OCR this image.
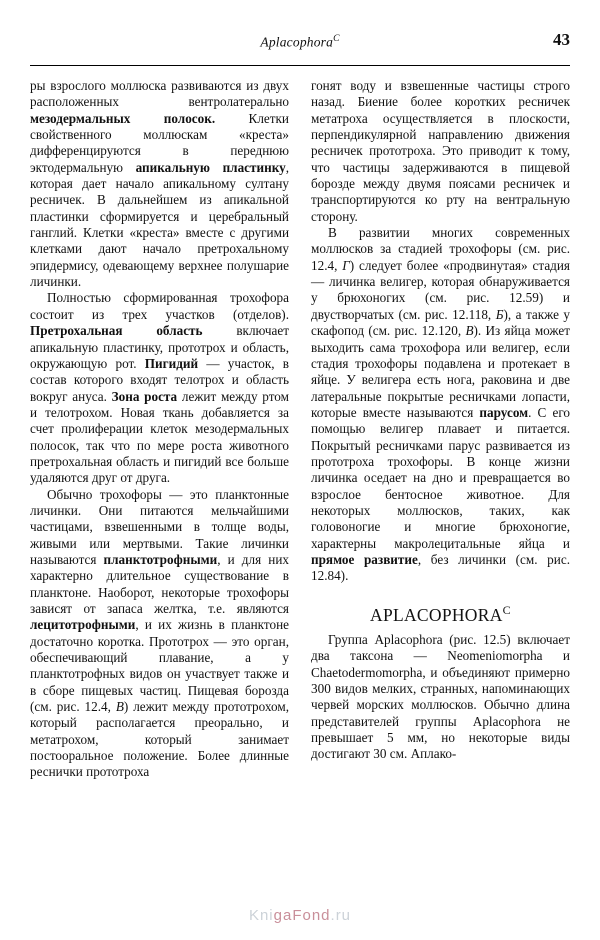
Aplacophora$^C$	43

ры взрослого моллюска развиваются из двух расположенных вентролатерально мезодермальных полосок. Клетки свойственного моллюскам «креста» дифференцируются в переднюю эктодермальную апикальную пластинку, которая дает начало апикальному султану ресничек. В дальнейшем из апикальной пластинки сформируется и церебральный ганглий. Клетки «креста» вместе с другими клетками дают начало претрохальному эпидермису, одевающему верхнее полушарие личинки.

Полностью сформированная трохофора состоит из трех участков (отделов). Претрохальная область включает апикальную пластинку, прототрох и область, окружающую рот. Пигидий — участок, в состав которого входят телотрох и область вокруг ануса. Зона роста лежит между ртом и телотрохом. Новая ткань добавляется за счет пролиферации клеток мезодермальных полосок, так что по мере роста животного претрохальная область и пигидий все больше удаляются друг от друга.

Обычно трохофоры — это планктонные личинки. Они питаются мельчайшими частицами, взвешенными в толще воды, живыми или мертвыми. Такие личинки называются планктотрофными, и для них характерно длительное существование в планктоне. Наоборот, некоторые трохофоры зависят от запаса желтка, т.е. являются лецитотрофными, и их жизнь в планктоне достаточно коротка. Прототрох — это орган, обеспечивающий плавание, а у планктотрофных видов он участвует также и в сборе пищевых частиц. Пищевая борозда (см. рис. 12.4, В) лежит между прототрохом, который располагается преорально, и метатрохом, который занимает постооральное положение. Более длинные реснички прототроха

гонят воду и взвешенные частицы строго назад. Биение более коротких ресничек метатроха осуществляется в плоскости, перпендикулярной направлению движения ресничек прототроха. Это приводит к тому, что частицы задерживаются в пищевой борозде между двумя поясами ресничек и транспортируются ко рту на вентральную сторону.

В развитии многих современных моллюсков за стадией трохофоры (см. рис. 12.4, Г) следует более «продвинутая» стадия — личинка велигер, которая обнаруживается у брюхоногих (см. рис. 12.59) и двустворчатых (см. рис. 12.118, Б), а также у скафопод (см. рис. 12.120, В). Из яйца может выходить сама трохофора или велигер, если стадия трохофоры подавлена и протекает в яйце. У велигера есть нога, раковина и две латеральные покрытые ресничками лопасти, которые вместе называются парусом. С его помощью велигер плавает и питается. Покрытый ресничками парус развивается из прототроха трохофоры. В конце жизни личинка оседает на дно и превращается во взрослое бентосное животное. Для некоторых моллюсков, таких, как головоногие и многие брюхоногие, характерны макролецитальные яйца и прямое развитие, без личинки (см. рис. 12.84).

$APLACOPHORA^C$

Группа Aplacophora (рис. 12.5) включает два таксона — Neomeniomorpha и Chaetodermomorpha, и объединяют примерно 300 видов мелких, странных, напоминающих червей морских моллюсков. Обычно длина представителей группы Aplacophora не превышает 5 мм, но некоторые виды достигают 30 см. Аплако-

KnigaFond.ru
